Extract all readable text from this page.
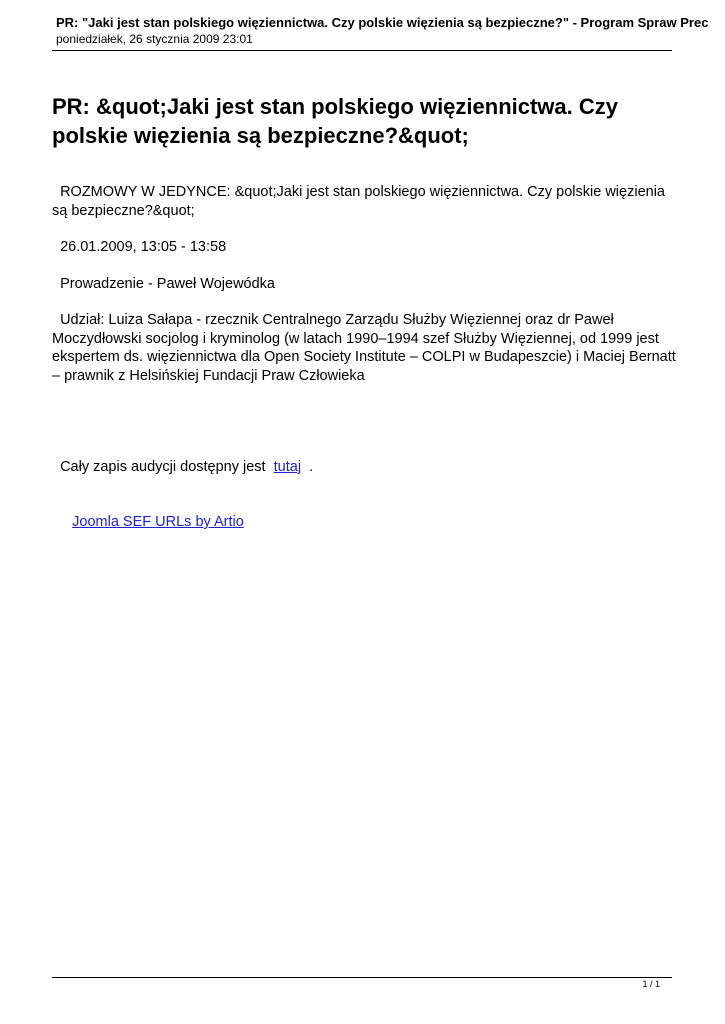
PR: "Jaki jest stan polskiego więziennictwa. Czy polskie więzienia są bezpieczne?" - Program Spraw Prec
poniedziałek, 26 stycznia 2009 23:01
PR: &quot;Jaki jest stan polskiego więziennictwa. Czy polskie więzienia są bezpieczne?&quot;

ROZMOWY W JEDYNCE: &quot;Jaki jest stan polskiego więziennictwa. Czy polskie więzienia są bezpieczne?&quot;

26.01.2009, 13:05 - 13:58

Prowadzenie - Paweł Wojewódka

Udział: Luiza Sałapa - rzecznik Centralnego Zarządu Służby Więziennej oraz dr Paweł Moczydłowski socjolog i kryminolog (w latach 1990–1994 szef Służby Więziennej, od 1999 jest ekspertem ds. więziennictwa dla Open Society Institute – COLPI w Budapeszcie) i Maciej Bernatt – prawnik z Helsińskiej Fundacji Praw Człowieka

Cały zapis audycji dostępny jest  tutaj  .

Joomla SEF URLs by Artio

1 / 1
